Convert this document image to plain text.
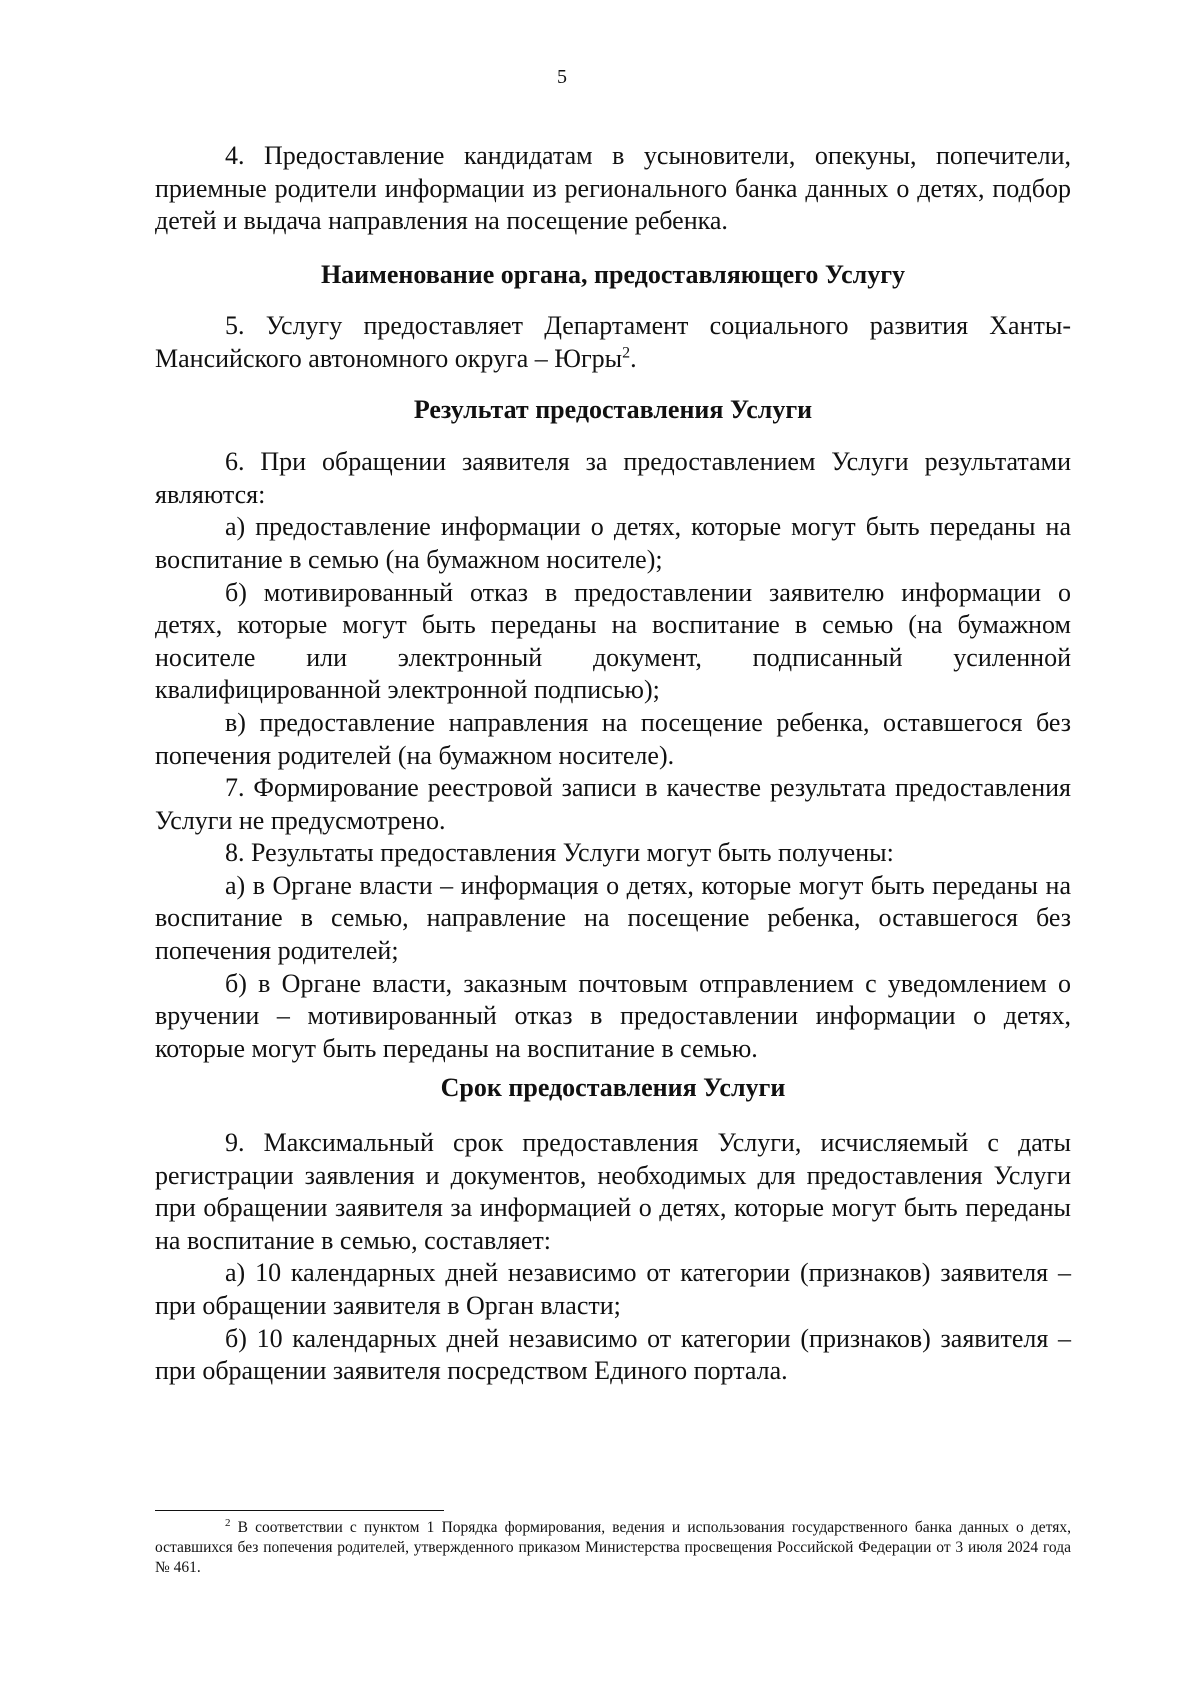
5

4. Предоставление кандидатам в усыновители, опекуны, попечители, приемные родители информации из регионального банка данных о детях, подбор детей и выдача направления на посещение ребенка.

Наименование органа, предоставляющего Услугу

5. Услугу предоставляет Департамент социального развития Ханты-Мансийского автономного округа – Югры$^2$.

Результат предоставления Услуги

6. При обращении заявителя за предоставлением Услуги результатами являются:

а) предоставление информации о детях, которые могут быть переданы на воспитание в семью (на бумажном носителе);

б) мотивированный отказ в предоставлении заявителю информации о детях, которые могут быть переданы на воспитание в семью (на бумажном носителе или электронный документ, подписанный усиленной квалифицированной электронной подписью);

в) предоставление направления на посещение ребенка, оставшегося без попечения родителей (на бумажном носителе).

7. Формирование реестровой записи в качестве результата предоставления Услуги не предусмотрено.

8. Результаты предоставления Услуги могут быть получены:

а) в Органе власти – информация о детях, которые могут быть переданы на воспитание в семью, направление на посещение ребенка, оставшегося без попечения родителей;

б) в Органе власти, заказным почтовым отправлением с уведомлением о вручении – мотивированный отказ в предоставлении информации о детях, которые могут быть переданы на воспитание в семью.

Срок предоставления Услуги

9. Максимальный срок предоставления Услуги, исчисляемый с даты регистрации заявления и документов, необходимых для предоставления Услуги при обращении заявителя за информацией о детях, которые могут быть переданы на воспитание в семью, составляет:

а) 10 календарных дней независимо от категории (признаков) заявителя – при обращении заявителя в Орган власти;

б) 10 календарных дней независимо от категории (признаков) заявителя – при обращении заявителя посредством Единого портала.

$^2$ В соответствии с пунктом 1 Порядка формирования, ведения и использования государственного банка данных о детях, оставшихся без попечения родителей, утвержденного приказом Министерства просвещения Российской Федерации от 3 июля 2024 года № 461.
